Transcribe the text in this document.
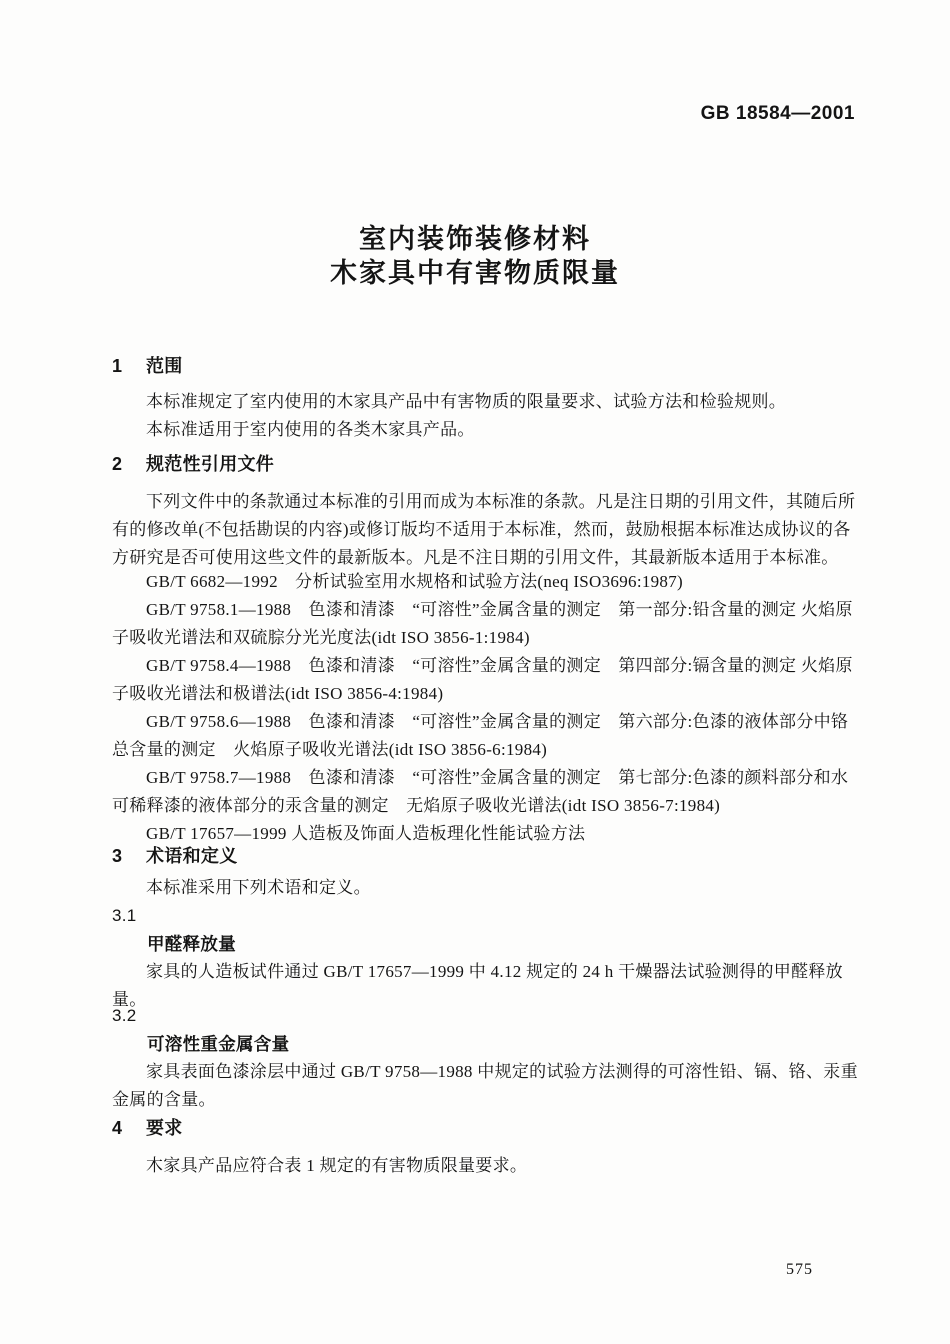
GB 18584—2001
室内装饰装修材料
木家具中有害物质限量
1 范围

本标准规定了室内使用的木家具产品中有害物质的限量要求、试验方法和检验规则。

本标准适用于室内使用的各类木家具产品。

2 规范性引用文件

下列文件中的条款通过本标准的引用而成为本标准的条款。凡是注日期的引用文件，其随后所有的修改单(不包括勘误的内容)或修订版均不适用于本标准，然而，鼓励根据本标准达成协议的各方研究是否可使用这些文件的最新版本。凡是不注日期的引用文件，其最新版本适用于本标准。

GB/T 6682—1992　分析试验室用水规格和试验方法(neq ISO3696:1987)

GB/T 9758.1—1988　色漆和清漆　“可溶性”金属含量的测定　第一部分:铅含量的测定 火焰原子吸收光谱法和双硫腙分光光度法(idt ISO 3856-1:1984)

GB/T 9758.4—1988　色漆和清漆　“可溶性”金属含量的测定　第四部分:镉含量的测定 火焰原子吸收光谱法和极谱法(idt ISO 3856-4:1984)

GB/T 9758.6—1988　色漆和清漆　“可溶性”金属含量的测定　第六部分:色漆的液体部分中铬总含量的测定　火焰原子吸收光谱法(idt ISO 3856-6:1984)

GB/T 9758.7—1988　色漆和清漆　“可溶性”金属含量的测定　第七部分:色漆的颜料部分和水可稀释漆的液体部分的汞含量的测定　无焰原子吸收光谱法(idt ISO 3856-7:1984)

GB/T 17657—1999 人造板及饰面人造板理化性能试验方法

3 术语和定义

本标准采用下列术语和定义。

3.1

甲醛释放量

家具的人造板试件通过 GB/T 17657—1999 中 4.12 规定的 24 h 干燥器法试验测得的甲醛释放量。

3.2

可溶性重金属含量

家具表面色漆涂层中通过 GB/T 9758—1988 中规定的试验方法测得的可溶性铅、镉、铬、汞重金属的含量。

4 要求

木家具产品应符合表 1 规定的有害物质限量要求。

575
